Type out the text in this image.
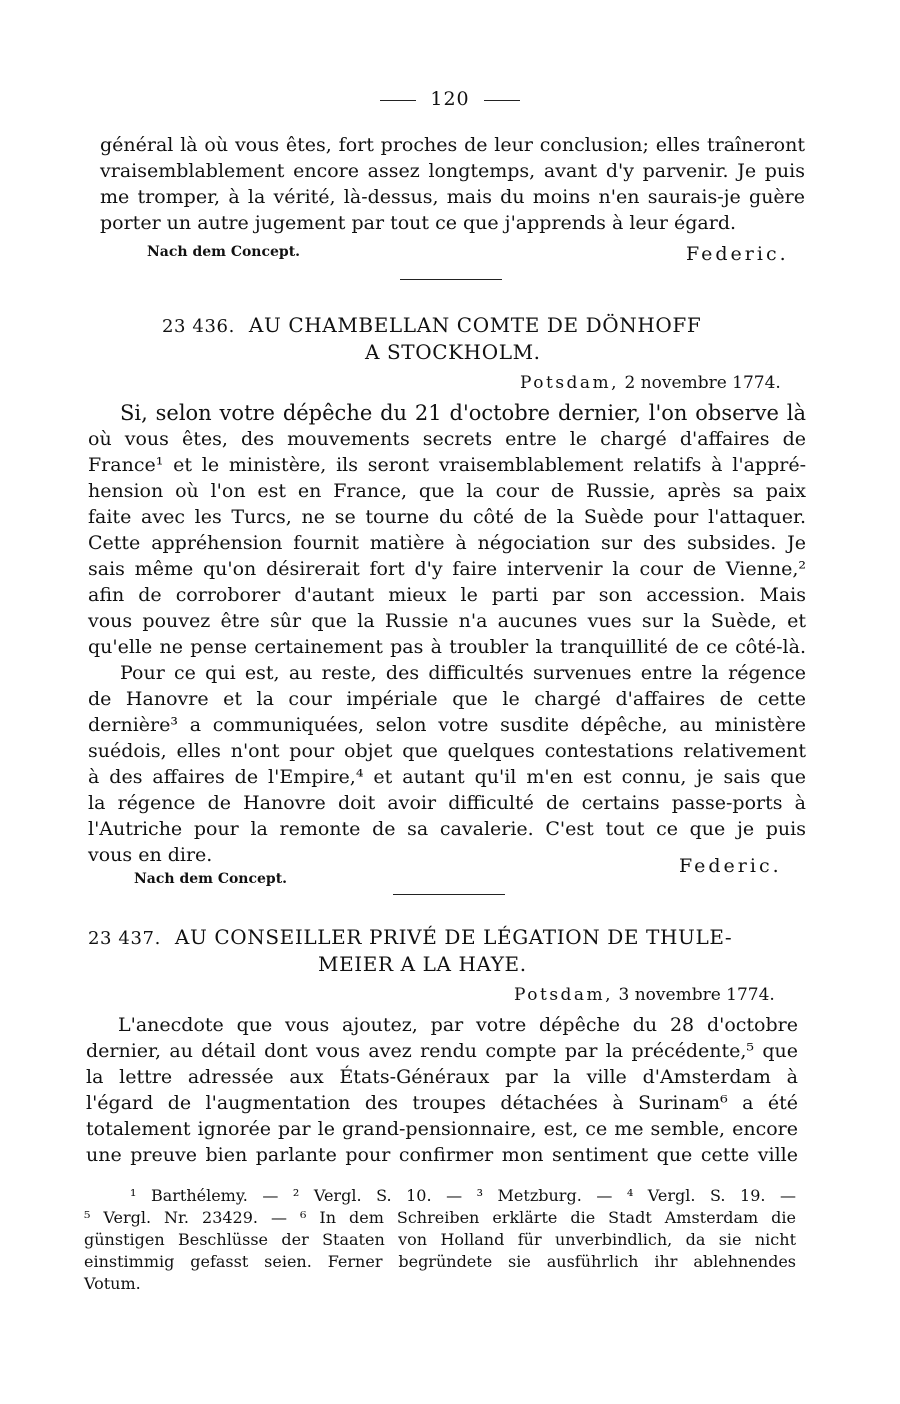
120
général là où vous êtes, fort proches de leur conclusion; elles traîneront
vraisemblablement encore assez longtemps, avant d'y parvenir. Je puis
me tromper, à la vérité, là-dessus, mais du moins n'en saurais-je guère
porter un autre jugement par tout ce que j'apprends à leur égard.
Nach dem Concept.	Federic.
23 436. AU CHAMBELLAN COMTE DE DÖNHOFF
A STOCKHOLM.
Potsdam, 2 novembre 1774.
Si, selon votre dépêche du 21 d'octobre dernier, l'on observe là
où vous êtes, des mouvements secrets entre le chargé d'affaires de
France¹ et le ministère, ils seront vraisemblablement relatifs à l'appré-
hension où l'on est en France, que la cour de Russie, après sa paix
faite avec les Turcs, ne se tourne du côté de la Suède pour l'attaquer.
Cette appréhension fournit matière à négociation sur des subsides. Je
sais même qu'on désirerait fort d'y faire intervenir la cour de Vienne,²
afin de corroborer d'autant mieux le parti par son accession. Mais
vous pouvez être sûr que la Russie n'a aucunes vues sur la Suède, et
qu'elle ne pense certainement pas à troubler la tranquillité de ce côté-là.
Pour ce qui est, au reste, des difficultés survenues entre la régence
de Hanovre et la cour impériale que le chargé d'affaires de cette
dernière³ a communiquées, selon votre susdite dépêche, au ministère
suédois, elles n'ont pour objet que quelques contestations relativement
à des affaires de l'Empire,⁴ et autant qu'il m'en est connu, je sais que
la régence de Hanovre doit avoir difficulté de certains passe-ports à
l'Autriche pour la remonte de sa cavalerie. C'est tout ce que je puis
vous en dire.
Nach dem Concept.
Federic.
23 437. AU CONSEILLER PRIVÉ DE LÉGATION DE THULE-
MEIER A LA HAYE.
Potsdam, 3 novembre 1774.
L'anecdote que vous ajoutez, par votre dépêche du 28 d'octobre
dernier, au détail dont vous avez rendu compte par la précédente,⁵ que
la lettre adressée aux États-Généraux par la ville d'Amsterdam à
l'égard de l'augmentation des troupes détachées à Surinam⁶ a été
totalement ignorée par le grand-pensionnaire, est, ce me semble, encore
une preuve bien parlante pour confirmer mon sentiment que cette ville
¹ Barthélemy. — ² Vergl. S. 10. — ³ Metzburg. — ⁴ Vergl. S. 19. —
⁵ Vergl. Nr. 23429. — ⁶ In dem Schreiben erklärte die Stadt Amsterdam die
günstigen Beschlüsse der Staaten von Holland für unverbindlich, da sie nicht
einstimmig gefasst seien. Ferner begründete sie ausführlich ihr ablehnendes
Votum.
